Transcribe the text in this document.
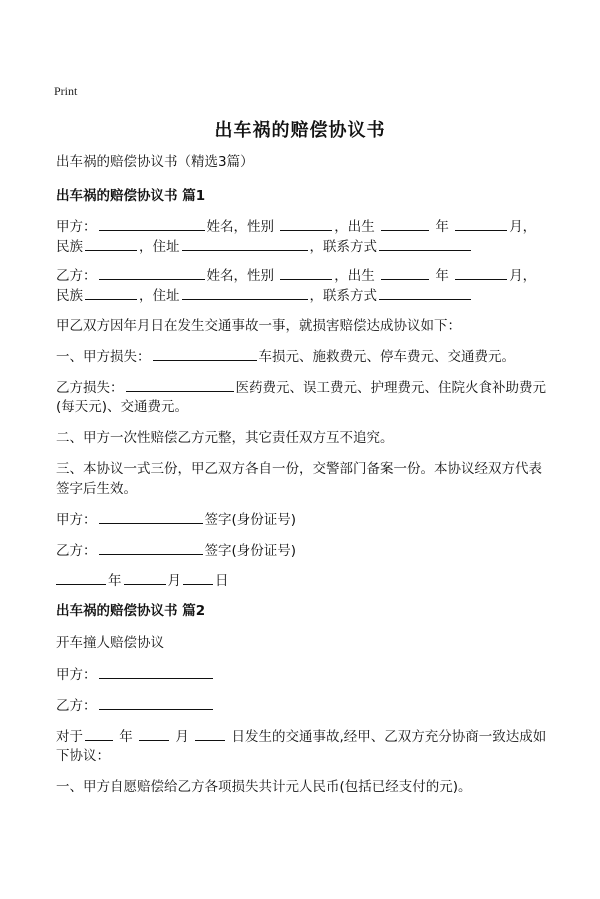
Print
出车祸的赔偿协议书
出车祸的赔偿协议书（精选3篇）
出车祸的赔偿协议书 篇1
甲方：	姓名，性别	，出生	年	月，
民族	，住址	，联系方式
乙方：	姓名，性别	，出生	年	月，
民族	，住址	，联系方式
甲乙双方因年月日在发生交通事故一事，就损害赔偿达成协议如下：
一、甲方损失：	车损元、施救费元、停车费元、交通费元。
乙方损失：	医药费元、误工费元、护理费元、住院火食补助费元
(每天元)、交通费元。
二、甲方一次性赔偿乙方元整，其它责任双方互不追究。
三、本协议一式三份，甲乙双方各自一份，交警部门备案一份。本协议经双方代表
签字后生效。
甲方：	签字(身份证号)
乙方：	签字(身份证号)
年	月	日
出车祸的赔偿协议书 篇2
开车撞人赔偿协议
甲方：
乙方：
对于	年	月	日发生的交通事故,经甲、乙双方充分协商一致达成如
下协议：
一、甲方自愿赔偿给乙方各项损失共计元人民币(包括已经支付的元)。
